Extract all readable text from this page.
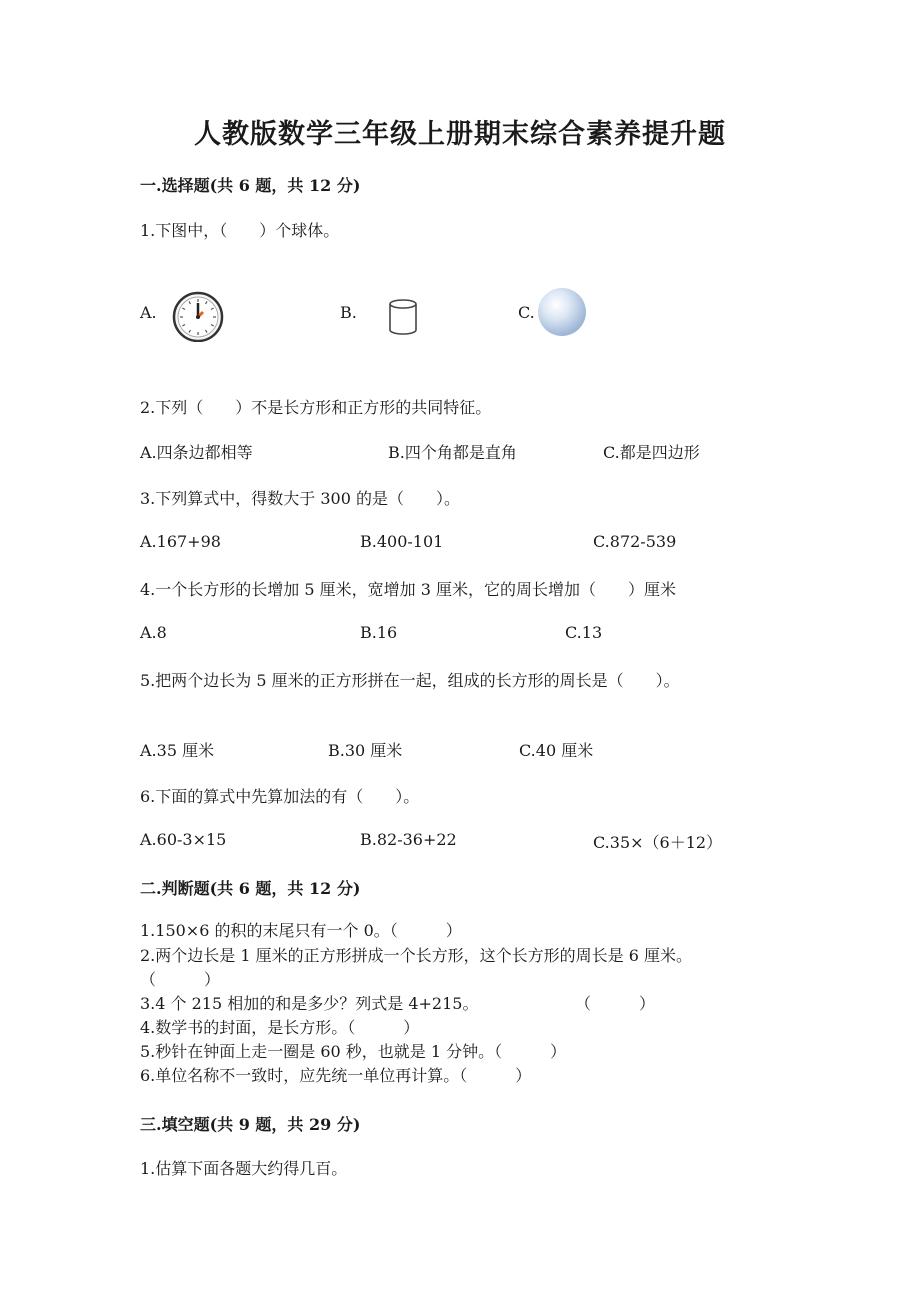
人教版数学三年级上册期末综合素养提升题
一.选择题(共 6 题，共 12 分)
1.下图中，（　　）个球体。
A.	B.	C.
2.下列（　　）不是长方形和正方形的共同特征。
A.四条边都相等	B.四个角都是直角	C.都是四边形
3.下列算式中，得数大于 300 的是（　　）。
A.167+98	B.400-101	C.872-539
4.一个长方形的长增加 5 厘米，宽增加 3 厘米，它的周长增加（　　）厘米
A.8	B.16	C.13
5.把两个边长为 5 厘米的正方形拼在一起，组成的长方形的周长是（　　）。
A.35 厘米	B.30 厘米	C.40 厘米
6.下面的算式中先算加法的有（　　）。
A.60-3×15	B.82-36+22	C.35×（6＋12）
二.判断题(共 6 题，共 12 分)
1.150×6 的积的末尾只有一个 0。（　　　）
2.两个边长是 1 厘米的正方形拼成一个长方形，这个长方形的周长是 6 厘米。
（　　　）
3.4 个 215 相加的和是多少？列式是 4+215。	（　　　）
4.数学书的封面，是长方形。（　　　）
5.秒针在钟面上走一圈是 60 秒，也就是 1 分钟。（　　　）
6.单位名称不一致时，应先统一单位再计算。（　　　）
三.填空题(共 9 题，共 29 分)
1.估算下面各题大约得几百。
